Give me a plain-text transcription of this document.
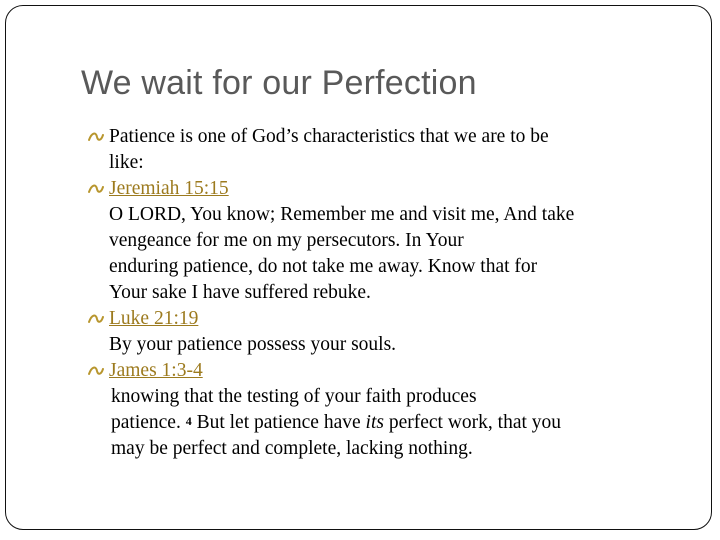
We wait for our Perfection
Patience is one of God’s characteristics that we are to be
like:
Jeremiah 15:15
O LORD, You know; Remember me and visit me, And take
vengeance for me on my persecutors. In Your
enduring patience, do not take me away. Know that for
Your sake I have suffered rebuke.
Luke 21:19
By your patience possess your souls.
James 1:3-4
knowing that the testing of your faith produces
patience. $^4$ But let patience have its perfect work, that you
may be perfect and complete, lacking nothing.
